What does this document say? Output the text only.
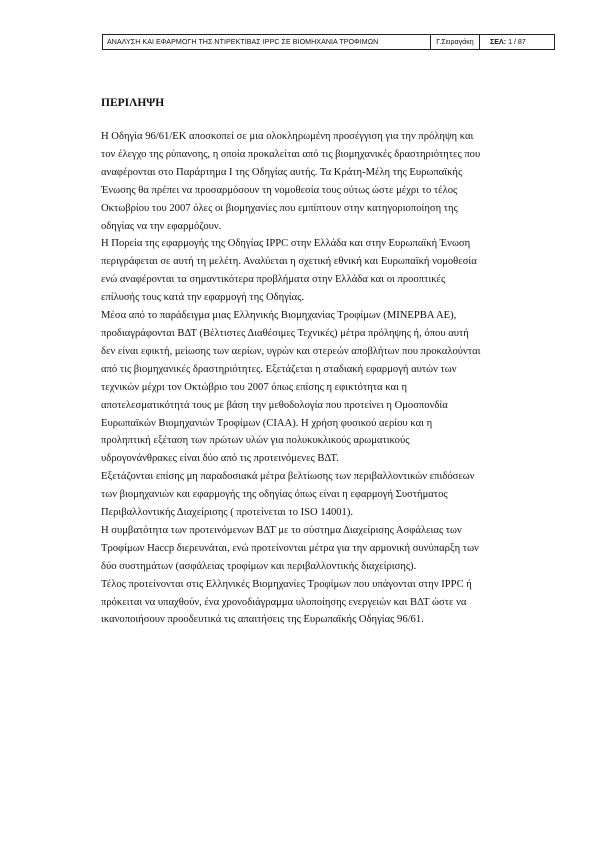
ΑΝΑΛΥΣΗ ΚΑΙ ΕΦΑΡΜΟΓΗ ΤΗΣ ΝΤΙΡΕΚΤΙΒΑΣ IPPC ΣΕ ΒΙΟΜΗΧΑΝΙΑ ΤΡΟΦΙΜΩΝ	Γ.Σειραγάκη	ΣΕΛ: 1 / 87
ΠΕΡΙΛΗΨΗ
Η Οδηγία 96/61/ΕΚ αποσκοπεί σε μια ολοκληρωμένη προσέγγιση για την πρόληψη και
τον έλεγχο της ρύπανσης, η οποία προκαλείται από τις βιομηχανικές δραστηριότητες που
αναφέρονται στο Παράρτημα Ι της Οδηγίας αυτής. Τα Κράτη-Μέλη της Ευρωπαϊκής
Ένωσης θα πρέπει να προσαρμόσουν τη νομοθεσία τους ούτως ώστε μέχρι το τέλος
Οκτωβρίου του 2007 όλες οι βιομηχανίες που εμπίπτουν στην κατηγοριοποίηση της
οδηγίας να την εφαρμόζουν.
Η Πορεία της εφαρμογής της Οδηγίας IPPC στην Ελλάδα και στην Ευρωπαϊκή Ένωση
περιγράφεται σε αυτή τη μελέτη. Αναλύεται η σχετική εθνική και Ευρωπαϊκή νομοθεσία
ενώ αναφέρονται τα σημαντικότερα προβλήματα στην Ελλάδα και οι προοπτικές
επίλυσής τους κατά την εφαρμογή της Οδηγίας.
Μέσα από το παράδειγμα μιας Ελληνικής Βιομηχανίας Τροφίμων (ΜΙΝΕΡΒΑ ΑΕ),
προδιαγράφονται ΒΔΤ (Βέλτιστες Διαθέσιμες Τεχνικές) μέτρα πρόληψης ή, όπου αυτή
δεν είναι εφικτή, μείωσης των αερίων, υγρών και στερεών αποβλήτων που προκαλούνται
από τις βιομηχανικές δραστηριότητες. Εξετάζεται η σταδιακή εφαρμογή αυτών των
τεχνικών μέχρι τον Οκτώβριο του 2007 όπως επίσης η εφικτότητα και η
αποτελεσματικότητά τους με βάση την μεθοδολογία που προτείνει η Ομοσπονδία
Ευρωπαϊκών Βιομηχανιών Τροφίμων (CIAA). Η χρήση φυσικού αερίου και η
προληπτική εξέταση των πρώτων υλών για πολυκυκλικούς αρωματικούς
υδρογονάνθρακες είναι δύο από τις προτεινόμενες ΒΔΤ.
Εξετάζονται επίσης μη παραδοσιακά μέτρα βελτίωσης των περιβαλλοντικών επιδόσεων
των βιομηχανιών και εφαρμογής της οδηγίας όπως είναι η εφαρμογή Συστήματος
Περιβαλλοντικής Διαχείρισης ( προτείνεται το ISO 14001).
Η συμβατότητα των προτεινόμενων ΒΔΤ με το σύστημα Διαχείρισης Ασφάλειας των
Τροφίμων Haccp διερευνάται, ενώ προτείνονται μέτρα για την αρμονική συνύπαρξη των
δύο συστημάτων (ασφάλειας τροφίμων και περιβαλλοντικής διαχείρισης).
Τέλος προτείνονται στις Ελληνικές Βιομηχανίες Τροφίμων που υπάγονται στην IPPC ή
πρόκειται να υπαχθούν, ένα χρονοδιάγραμμα υλοποίησης ενεργειών και ΒΔΤ ώστε να
ικανοποιήσουν προοδευτικά τις απαιτήσεις της Ευρωπαϊκής Οδηγίας 96/61.
